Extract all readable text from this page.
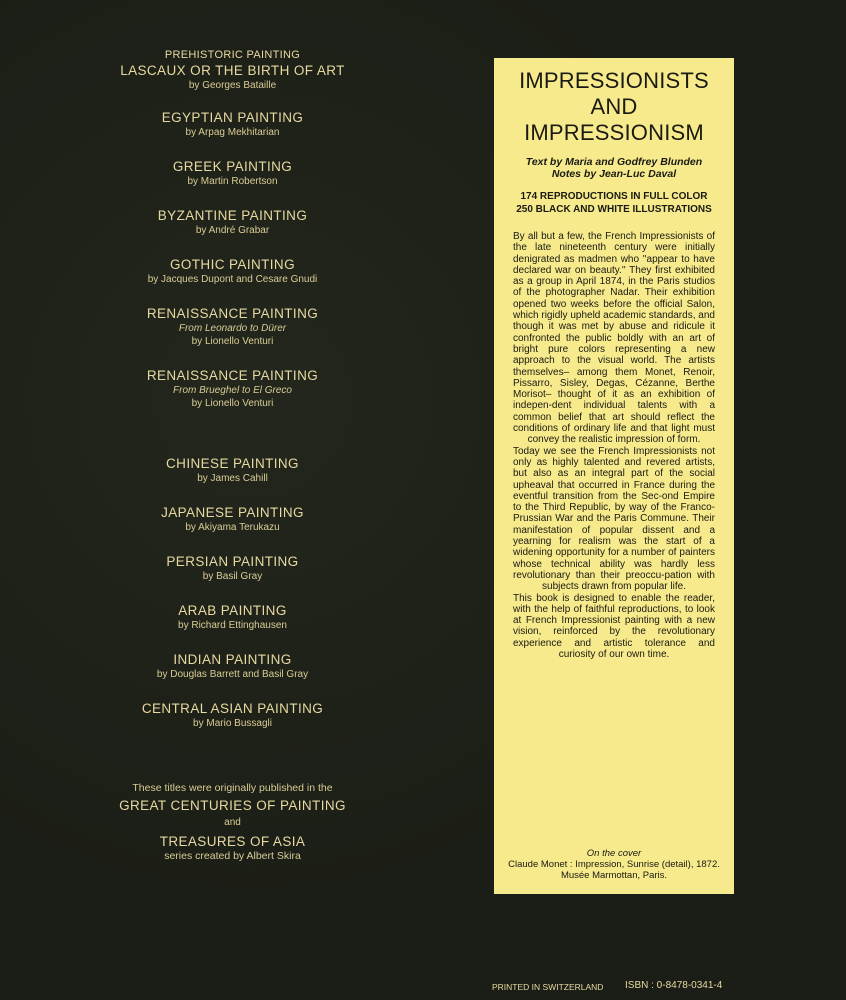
PREHISTORIC PAINTING
LASCAUX OR THE BIRTH OF ART
by Georges Bataille
EGYPTIAN PAINTING
by Arpag Mekhitarian
GREEK PAINTING
by Martin Robertson
BYZANTINE PAINTING
by André Grabar
GOTHIC PAINTING
by Jacques Dupont and Cesare Gnudi
RENAISSANCE PAINTING
From Leonardo to Dürer
by Lionello Venturi
RENAISSANCE PAINTING
From Brueghel to El Greco
by Lionello Venturi
CHINESE PAINTING
by James Cahill
JAPANESE PAINTING
by Akiyama Terukazu
PERSIAN PAINTING
by Basil Gray
ARAB PAINTING
by Richard Ettinghausen
INDIAN PAINTING
by Douglas Barrett and Basil Gray
CENTRAL ASIAN PAINTING
by Mario Bussagli
These titles were originally published in the
GREAT CENTURIES OF PAINTING
and
TREASURES OF ASIA
series created by Albert Skira
IMPRESSIONISTS
AND
IMPRESSIONISM
Text by Maria and Godfrey Blunden
Notes by Jean-Luc Daval
174 REPRODUCTIONS IN FULL COLOR
250 BLACK AND WHITE ILLUSTRATIONS

By all but a few, the French Impressionists of the late nineteenth century were initially denigrated as madmen who ''appear to have declared war on beauty.'' They first exhibited as a group in April 1874, in the Paris studios of the photographer Nadar. Their exhibition opened two weeks before the official Salon, which rigidly upheld academic standards, and though it was met by abuse and ridicule it confronted the public boldly with an art of bright pure colors representing a new approach to the visual world. The artists themselves– among them Monet, Renoir, Pissarro, Sisley, Degas, Cézanne, Berthe Morisot– thought of it as an exhibition of indepen-dent individual talents with a common belief that art should reflect the conditions of ordinary life and that light must convey the realistic impression of form.

Today we see the French Impressionists not only as highly talented and revered artists, but also as an integral part of the social upheaval that occurred in France during the eventful transition from the Sec-ond Empire to the Third Republic, by way of the Franco-Prussian War and the Paris Commune. Their manifestation of popular dissent and a yearning for realism was the start of a widening opportunity for a number of painters whose technical ability was hardly less revolutionary than their preoccu-pation with subjects drawn from popular life.

This book is designed to enable the reader, with the help of faithful reproductions, to look at French Impressionist painting with a new vision, reinforced by the revolutionary experience and artistic tolerance and curiosity of our own time.

On the cover
Claude Monet : Impression, Sunrise (detail), 1872.
Musée Marmottan, Paris.
PRINTED IN SWITZERLAND ISBN : 0-8478-0341-4
